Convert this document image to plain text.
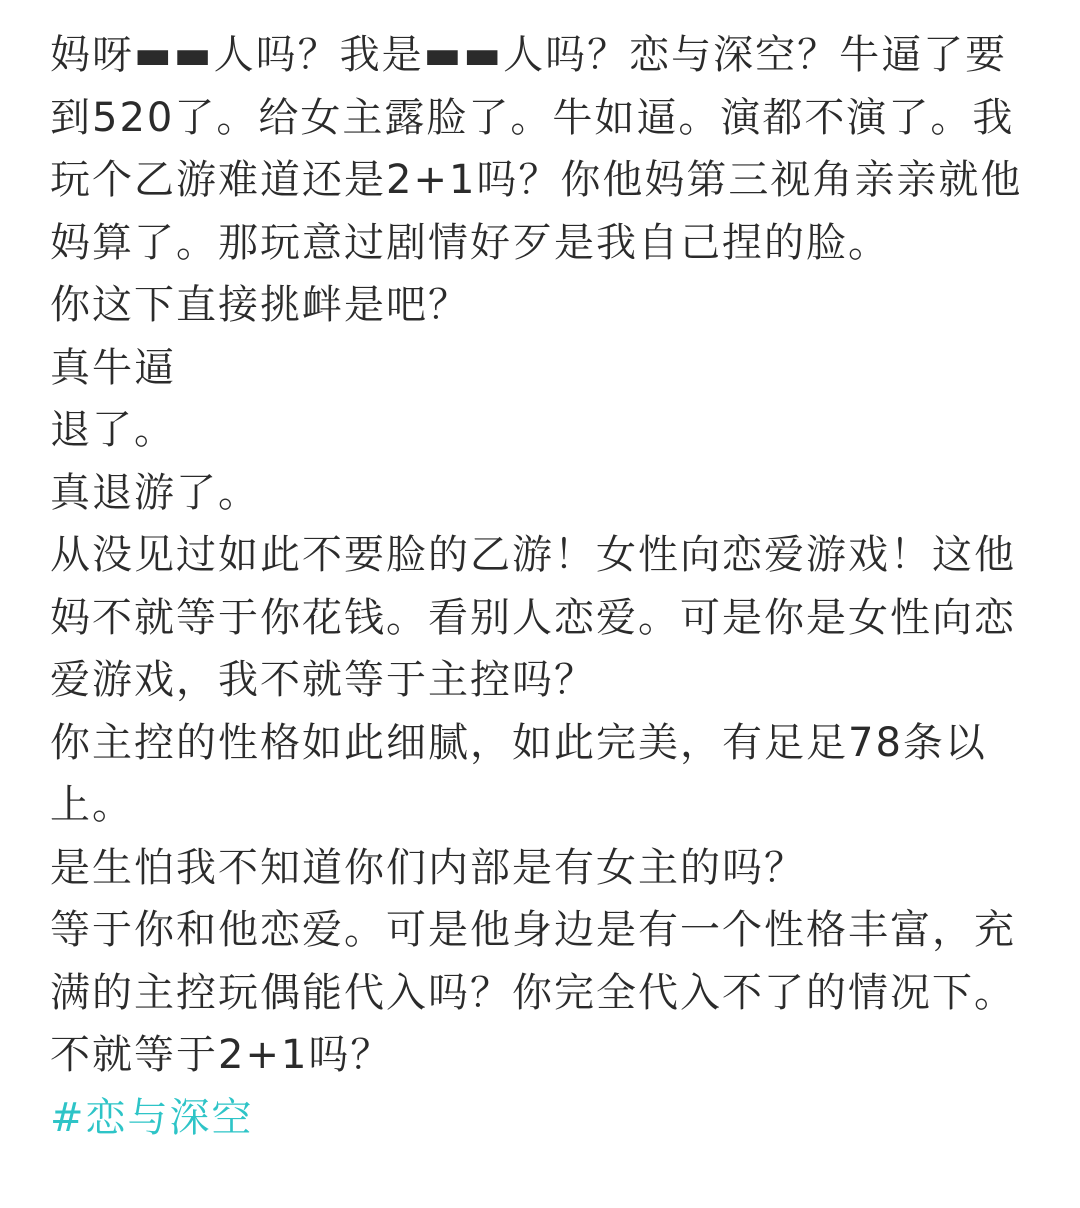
妈呀▬▬人吗？我是▬▬人吗？恋与深空？牛逼了要到520了。给女主露脸了。牛如逼。演都不演了。我玩个乙游难道还是2+1吗？你他妈第三视角亲亲就他妈算了。那玩意过剧情好歹是我自己捏的脸。

你这下直接挑衅是吧？

真牛逼

退了。

真退游了。

从没见过如此不要脸的乙游！女性向恋爱游戏！这他妈不就等于你花钱。看别人恋爱。可是你是女性向恋爱游戏，我不就等于主控吗？

你主控的性格如此细腻，如此完美，有足足78条以上。

是生怕我不知道你们内部是有女主的吗？

等于你和他恋爱。可是他身边是有一个性格丰富，充满的主控玩偶能代入吗？你完全代入不了的情况下。不就等于2+1吗？

#恋与深空
